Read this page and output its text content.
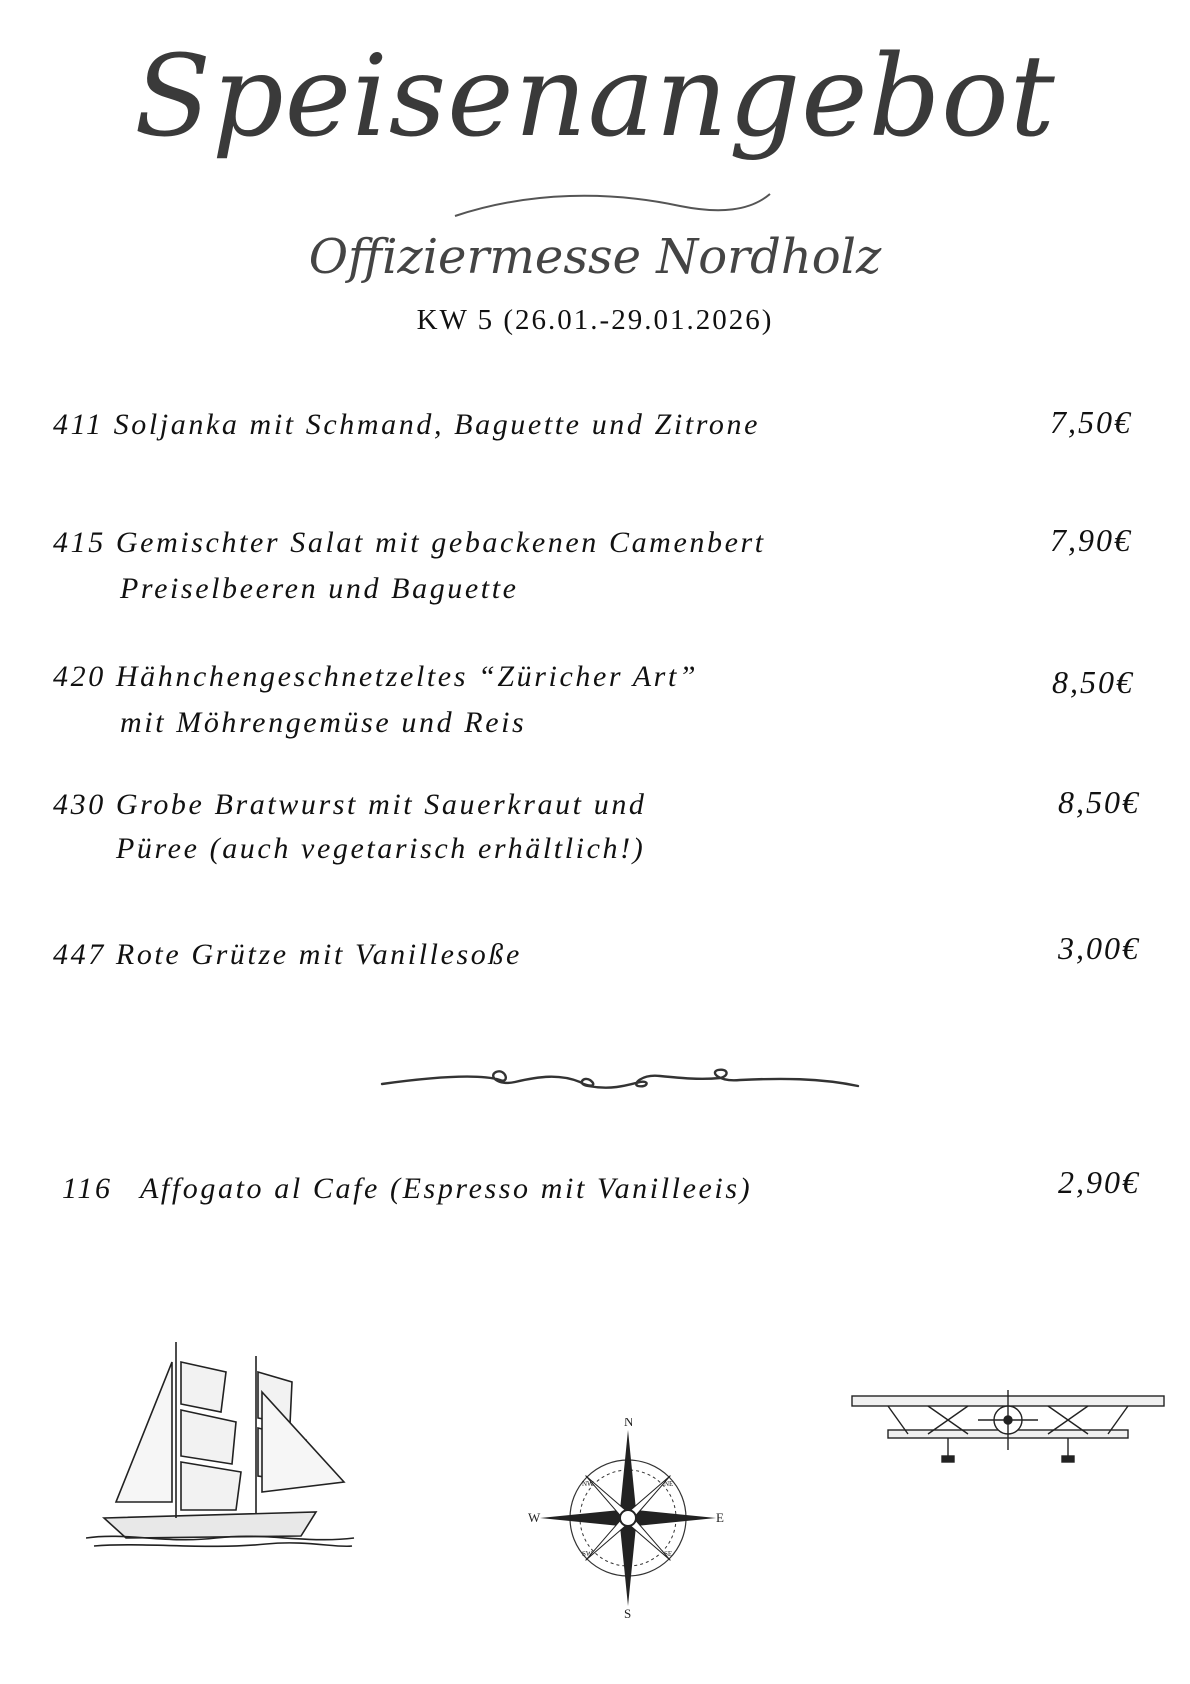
Speisenangebot
Offiziermesse Nordholz
KW 5 (26.01.-29.01.2026)
411 Soljanka mit Schmand, Baguette und Zitrone	7,50€
415 Gemischter Salat mit gebackenen Camenbert
Preiselbeeren und Baguette
7,90€
420 Hähnchengeschnetzeltes “Züricher Art”
mit Möhrengemüse und Reis
8,50€
430 Grobe Bratwurst mit Sauerkraut und
Püree (auch vegetarisch erhältlich!)
8,50€
447 Rote Grütze mit Vanillesoße	3,00€
116 Affogato al Cafe (Espresso mit Vanilleeis)	2,90€
N
E
S
W
NE
NW
SE
SW
